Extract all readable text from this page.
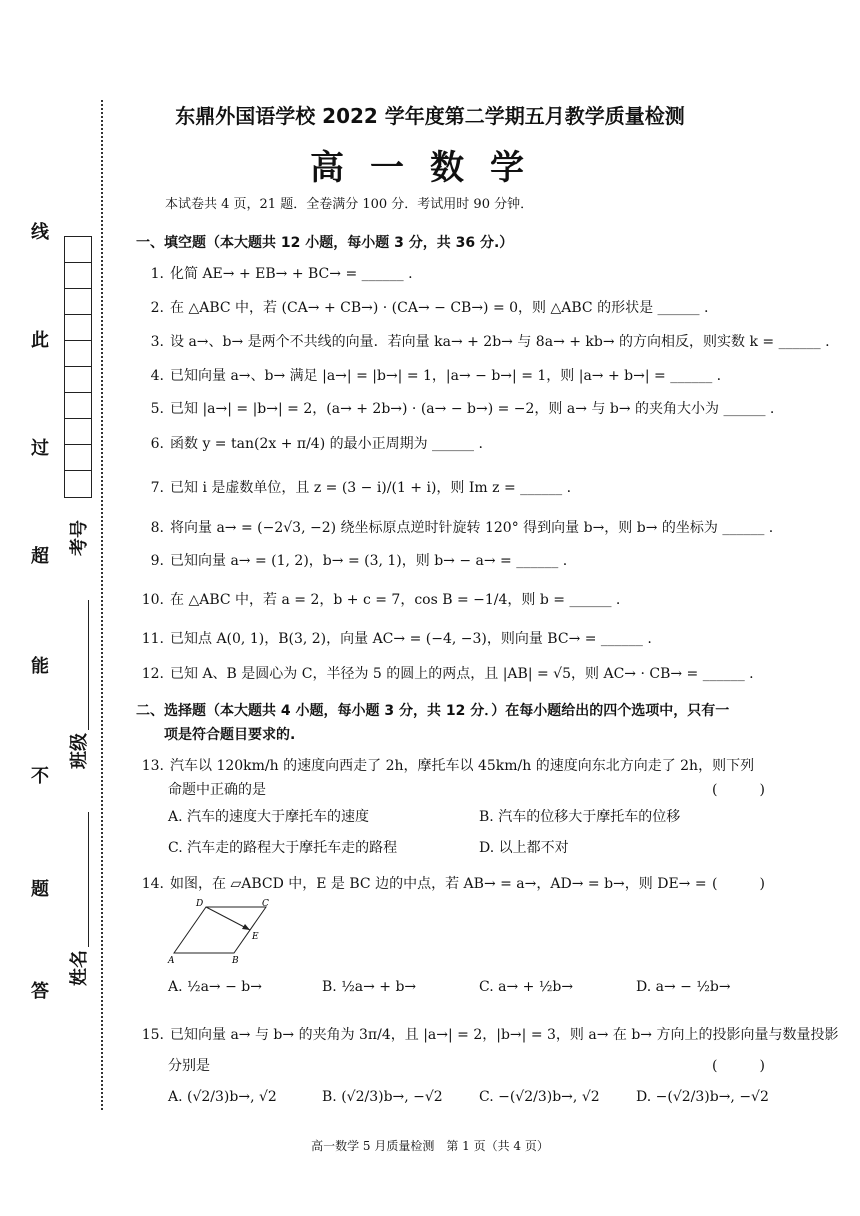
线
此
过
超
能
不
题
答
考号
班级
姓名
东鼎外国语学校 2022 学年度第二学期五月教学质量检测
高一数学
本试卷共 4 页，21 题．全卷满分 100 分．考试用时 90 分钟．
一、填空题（本大题共 12 小题，每小题 3 分，共 36 分.）
1. 化简 AE→ + EB→ + BC→ = ______ .
2. 在 △ABC 中，若 (CA→ + CB→) · (CA→ − CB→) = 0，则 △ABC 的形状是 ______ .
3. 设 a→、b→ 是两个不共线的向量．若向量 ka→ + 2b→ 与 8a→ + kb→ 的方向相反，则实数 k = ______ .
4. 已知向量 a→、b→ 满足 |a→| = |b→| = 1，|a→ − b→| = 1，则 |a→ + b→| = ______ .
5. 已知 |a→| = |b→| = 2，(a→ + 2b→) · (a→ − b→) = −2，则 a→ 与 b→ 的夹角大小为 ______ .
6. 函数 y = tan(2x + π/4) 的最小正周期为 ______ .
7. 已知 i 是虚数单位，且 z = (3 − i)/(1 + i)，则 Im z = ______ .
8. 将向量 a→ = (−2√3, −2) 绕坐标原点逆时针旋转 120° 得到向量 b→，则 b→ 的坐标为 ______ .
9. 已知向量 a→ = (1, 2)，b→ = (3, 1)，则 b→ − a→ = ______ .
10. 在 △ABC 中，若 a = 2，b + c = 7，cos B = −1/4，则 b = ______ .
11. 已知点 A(0, 1)，B(3, 2)，向量 AC→ = (−4, −3)，则向量 BC→ = ______ .
12. 已知 A、B 是圆心为 C，半径为 5 的圆上的两点，且 |AB| = √5，则 AC→ · CB→ = ______ .
二、选择题（本大题共 4 小题，每小题 3 分，共 12 分．）在每小题给出的四个选项中，只有一
项是符合题目要求的.
13. 汽车以 120km/h 的速度向西走了 2h，摩托车以 45km/h 的速度向东北方向走了 2h，则下列
命题中正确的是	(　　　)
A. 汽车的速度大于摩托车的速度	B. 汽车的位移大于摩托车的位移
C. 汽车走的路程大于摩托车走的路程	D. 以上都不对
14. 如图，在 ▱ABCD 中，E 是 BC 边的中点，若 AB→ = a→，AD→ = b→，则 DE→ = (　　　)
D	C
E
A	B
A. ½a→ − b→	B. ½a→ + b→	C. a→ + ½b→	D. a→ − ½b→
15. 已知向量 a→ 与 b→ 的夹角为 3π/4，且 |a→| = 2，|b→| = 3，则 a→ 在 b→ 方向上的投影向量与数量投影
分别是	(　　　)
A. (√2/3)b→, √2	B. (√2/3)b→, −√2	C. −(√2/3)b→, √2	D. −(√2/3)b→, −√2
高一数学 5 月质量检测　第 1 页（共 4 页）
